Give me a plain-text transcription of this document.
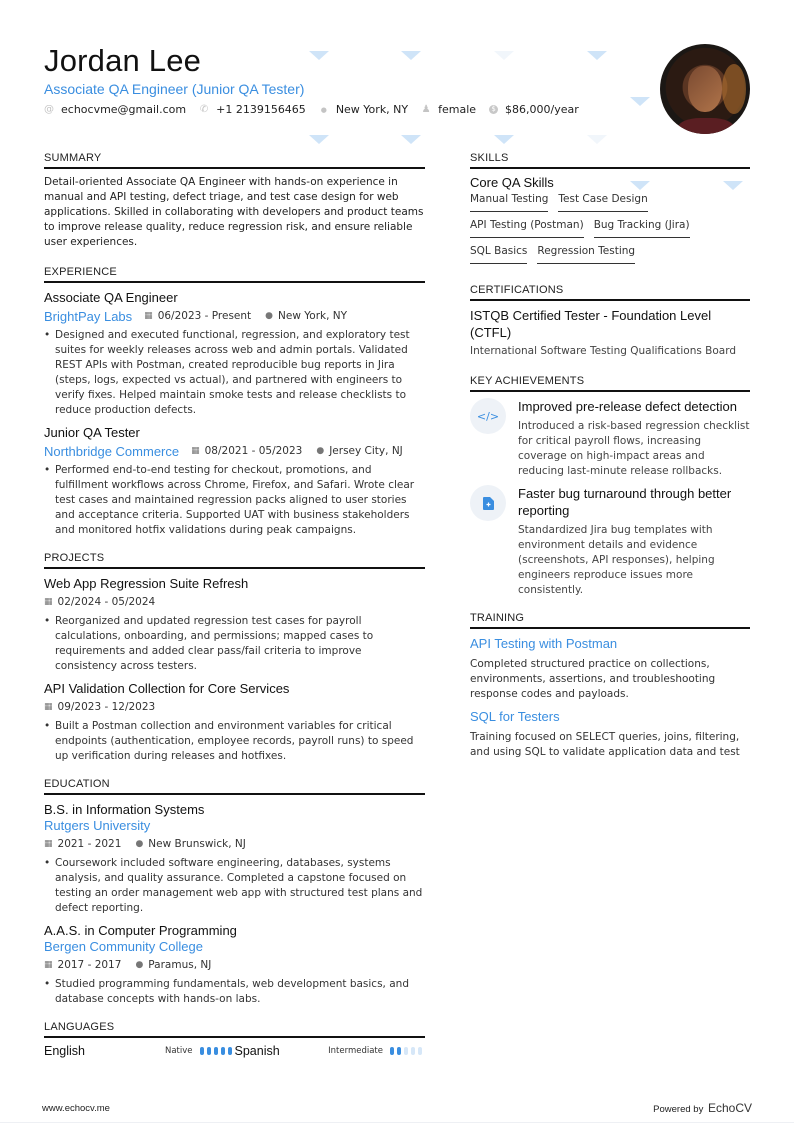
Jordan Lee
Associate QA Engineer (Junior QA Tester)
@ echocvme@gmail.com ✆ +1 2139156465 ● New York, NY ♟ female	$ $86,000/year
SUMMARY
Detail-oriented Associate QA Engineer with hands-on experience in manual and API testing, defect triage, and test case design for web applications. Skilled in collaborating with developers and product teams to improve release quality, reduce regression risk, and ensure reliable user experiences.
EXPERIENCE
Associate QA Engineer
BrightPay Labs ▦ 06/2023 - Present ● New York, NY
• Designed and executed functional, regression, and exploratory test suites for weekly releases across web and admin portals. Validated REST APIs with Postman, created reproducible bug reports in Jira (steps, logs, expected vs actual), and partnered with engineers to verify fixes. Helped maintain smoke tests and release checklists to reduce production defects.
Junior QA Tester
Northbridge Commerce ▦ 08/2021 - 05/2023 ● Jersey City, NJ
• Performed end-to-end testing for checkout, promotions, and fulfillment workflows across Chrome, Firefox, and Safari. Wrote clear test cases and maintained regression packs aligned to user stories and acceptance criteria. Supported UAT with business stakeholders and monitored hotfix validations during peak campaigns.
PROJECTS
Web App Regression Suite Refresh
▦ 02/2024 - 05/2024
• Reorganized and updated regression test cases for payroll calculations, onboarding, and permissions; mapped cases to requirements and added clear pass/fail criteria to improve consistency across testers.
API Validation Collection for Core Services
▦ 09/2023 - 12/2023
• Built a Postman collection and environment variables for critical endpoints (authentication, employee records, payroll runs) to speed up verification during releases and hotfixes.
EDUCATION
B.S. in Information Systems
Rutgers University
▦ 2021 - 2021 ● New Brunswick, NJ
• Coursework included software engineering, databases, systems analysis, and quality assurance. Completed a capstone focused on testing an order management web app with structured test plans and defect reporting.
A.A.S. in Computer Programming
Bergen Community College
▦ 2017 - 2017 ● Paramus, NJ
• Studied programming fundamentals, web development basics, and database concepts with hands-on labs.
LANGUAGES
English	Native	Spanish	Intermediate
SKILLS
Core QA Skills
Manual Testing Test Case Design
API Testing (Postman) Bug Tracking (Jira)
SQL Basics Regression Testing
CERTIFICATIONS
ISTQB Certified Tester - Foundation Level (CTFL)
International Software Testing Qualifications Board
KEY ACHIEVEMENTS
</>
Improved pre-release defect detection
Introduced a risk-based regression checklist for critical payroll flows, increasing coverage on high-impact areas and reducing last-minute release rollbacks.
Faster bug turnaround through better reporting
Standardized Jira bug templates with environment details and evidence (screenshots, API responses), helping engineers reproduce issues more consistently.
TRAINING
API Testing with Postman
Completed structured practice on collections, environments, assertions, and troubleshooting response codes and payloads.
SQL for Testers
Training focused on SELECT queries, joins, filtering, and using SQL to validate application data and test
www.echocv.me	Powered by EchoCV
